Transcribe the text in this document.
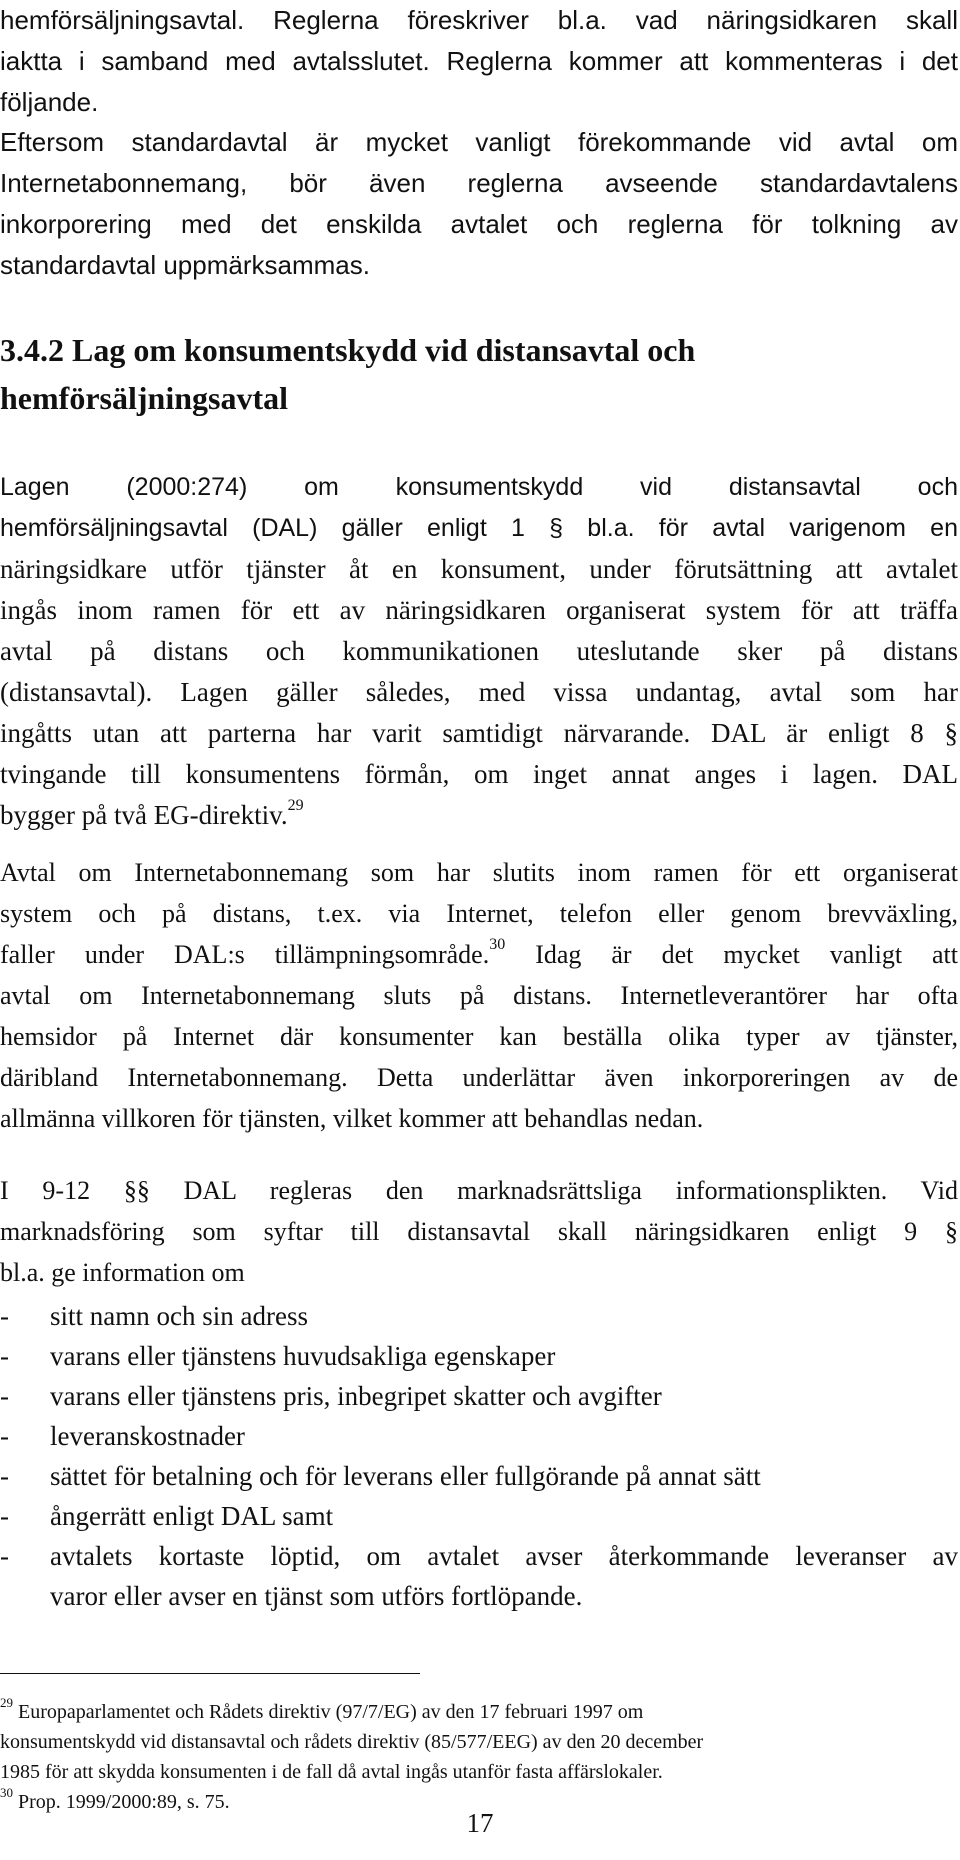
hemförsäljningsavtal. Reglerna föreskriver bl.a. vad näringsidkaren skall
iakttа i samband med avtalsslutet. Reglerna kommer att kommenteras i det
följande.
Eftersom standardavtal är mycket vanligt förekommande vid avtal om
Internetabonnemang, bör även reglerna avseende standardavtalens
inkorporering med det enskilda avtalet och reglerna för tolkning av
standardavtal uppmärksammas.
3.4.2 Lag om konsumentskydd vid distansavtal och
hemförsäljningsavtal
Lagen (2000:274) om konsumentskydd vid distansavtal och
hemförsäljningsavtal (DAL) gäller enligt 1 § bl.a. för avtal varigenom en
näringsidkare utför tjänster åt en konsument, under förutsättning att avtalet
ingås inom ramen för ett av näringsidkaren organiserat system för att träffa
avtal på distans och kommunikationen uteslutande sker på distans
(distansavtal). Lagen gäller således, med vissa undantag, avtal som har
ingåtts utan att parterna har varit samtidigt närvarande. DAL är enligt 8 §
tvingande till konsumentens förmån, om inget annat anges i lagen. DAL
bygger på två EG-direktiv.$^{29}$
Avtal om Internetabonnemang som har slutits inom ramen för ett organiserat
system och på distans, t.ex. via Internet, telefon eller genom brevväxling,
faller under DAL:s tillämpningsområde.$^{30}$ Idag är det mycket vanligt att
avtal om Internetabonnemang sluts på distans. Internetleverantörer har ofta
hemsidor på Internet där konsumenter kan beställa olika typer av tjänster,
däribland Internetabonnemang. Detta underlättar även inkorporeringen av de
allmänna villkoren för tjänsten, vilket kommer att behandlas nedan.
I 9-12 §§ DAL regleras den marknadsrättsliga informationsplikten. Vid
marknadsföring som syftar till distansavtal skall näringsidkaren enligt 9 §
bl.a. ge information om
-	sitt namn och sin adress
-	varans eller tjänstens huvudsakliga egenskaper
-	varans eller tjänstens pris, inbegripet skatter och avgifter
-	leveranskostnader
-	sättet för betalning och för leverans eller fullgörande på annat sätt
-	ångerrätt enligt DAL samt
-	avtalets kortaste löptid, om avtalet avser återkommande leveranser av
varor eller avser en tjänst som utförs fortlöpande.
$^{29}$ Europaparlamentet och Rådets direktiv (97/7/EG) av den 17 februari 1997 om
konsumentskydd vid distansavtal och rådets direktiv (85/577/EEG) av den 20 december
1985 för att skydda konsumenten i de fall då avtal ingås utanför fasta affärslokaler.
$^{30}$ Prop. 1999/2000:89, s. 75.
17
